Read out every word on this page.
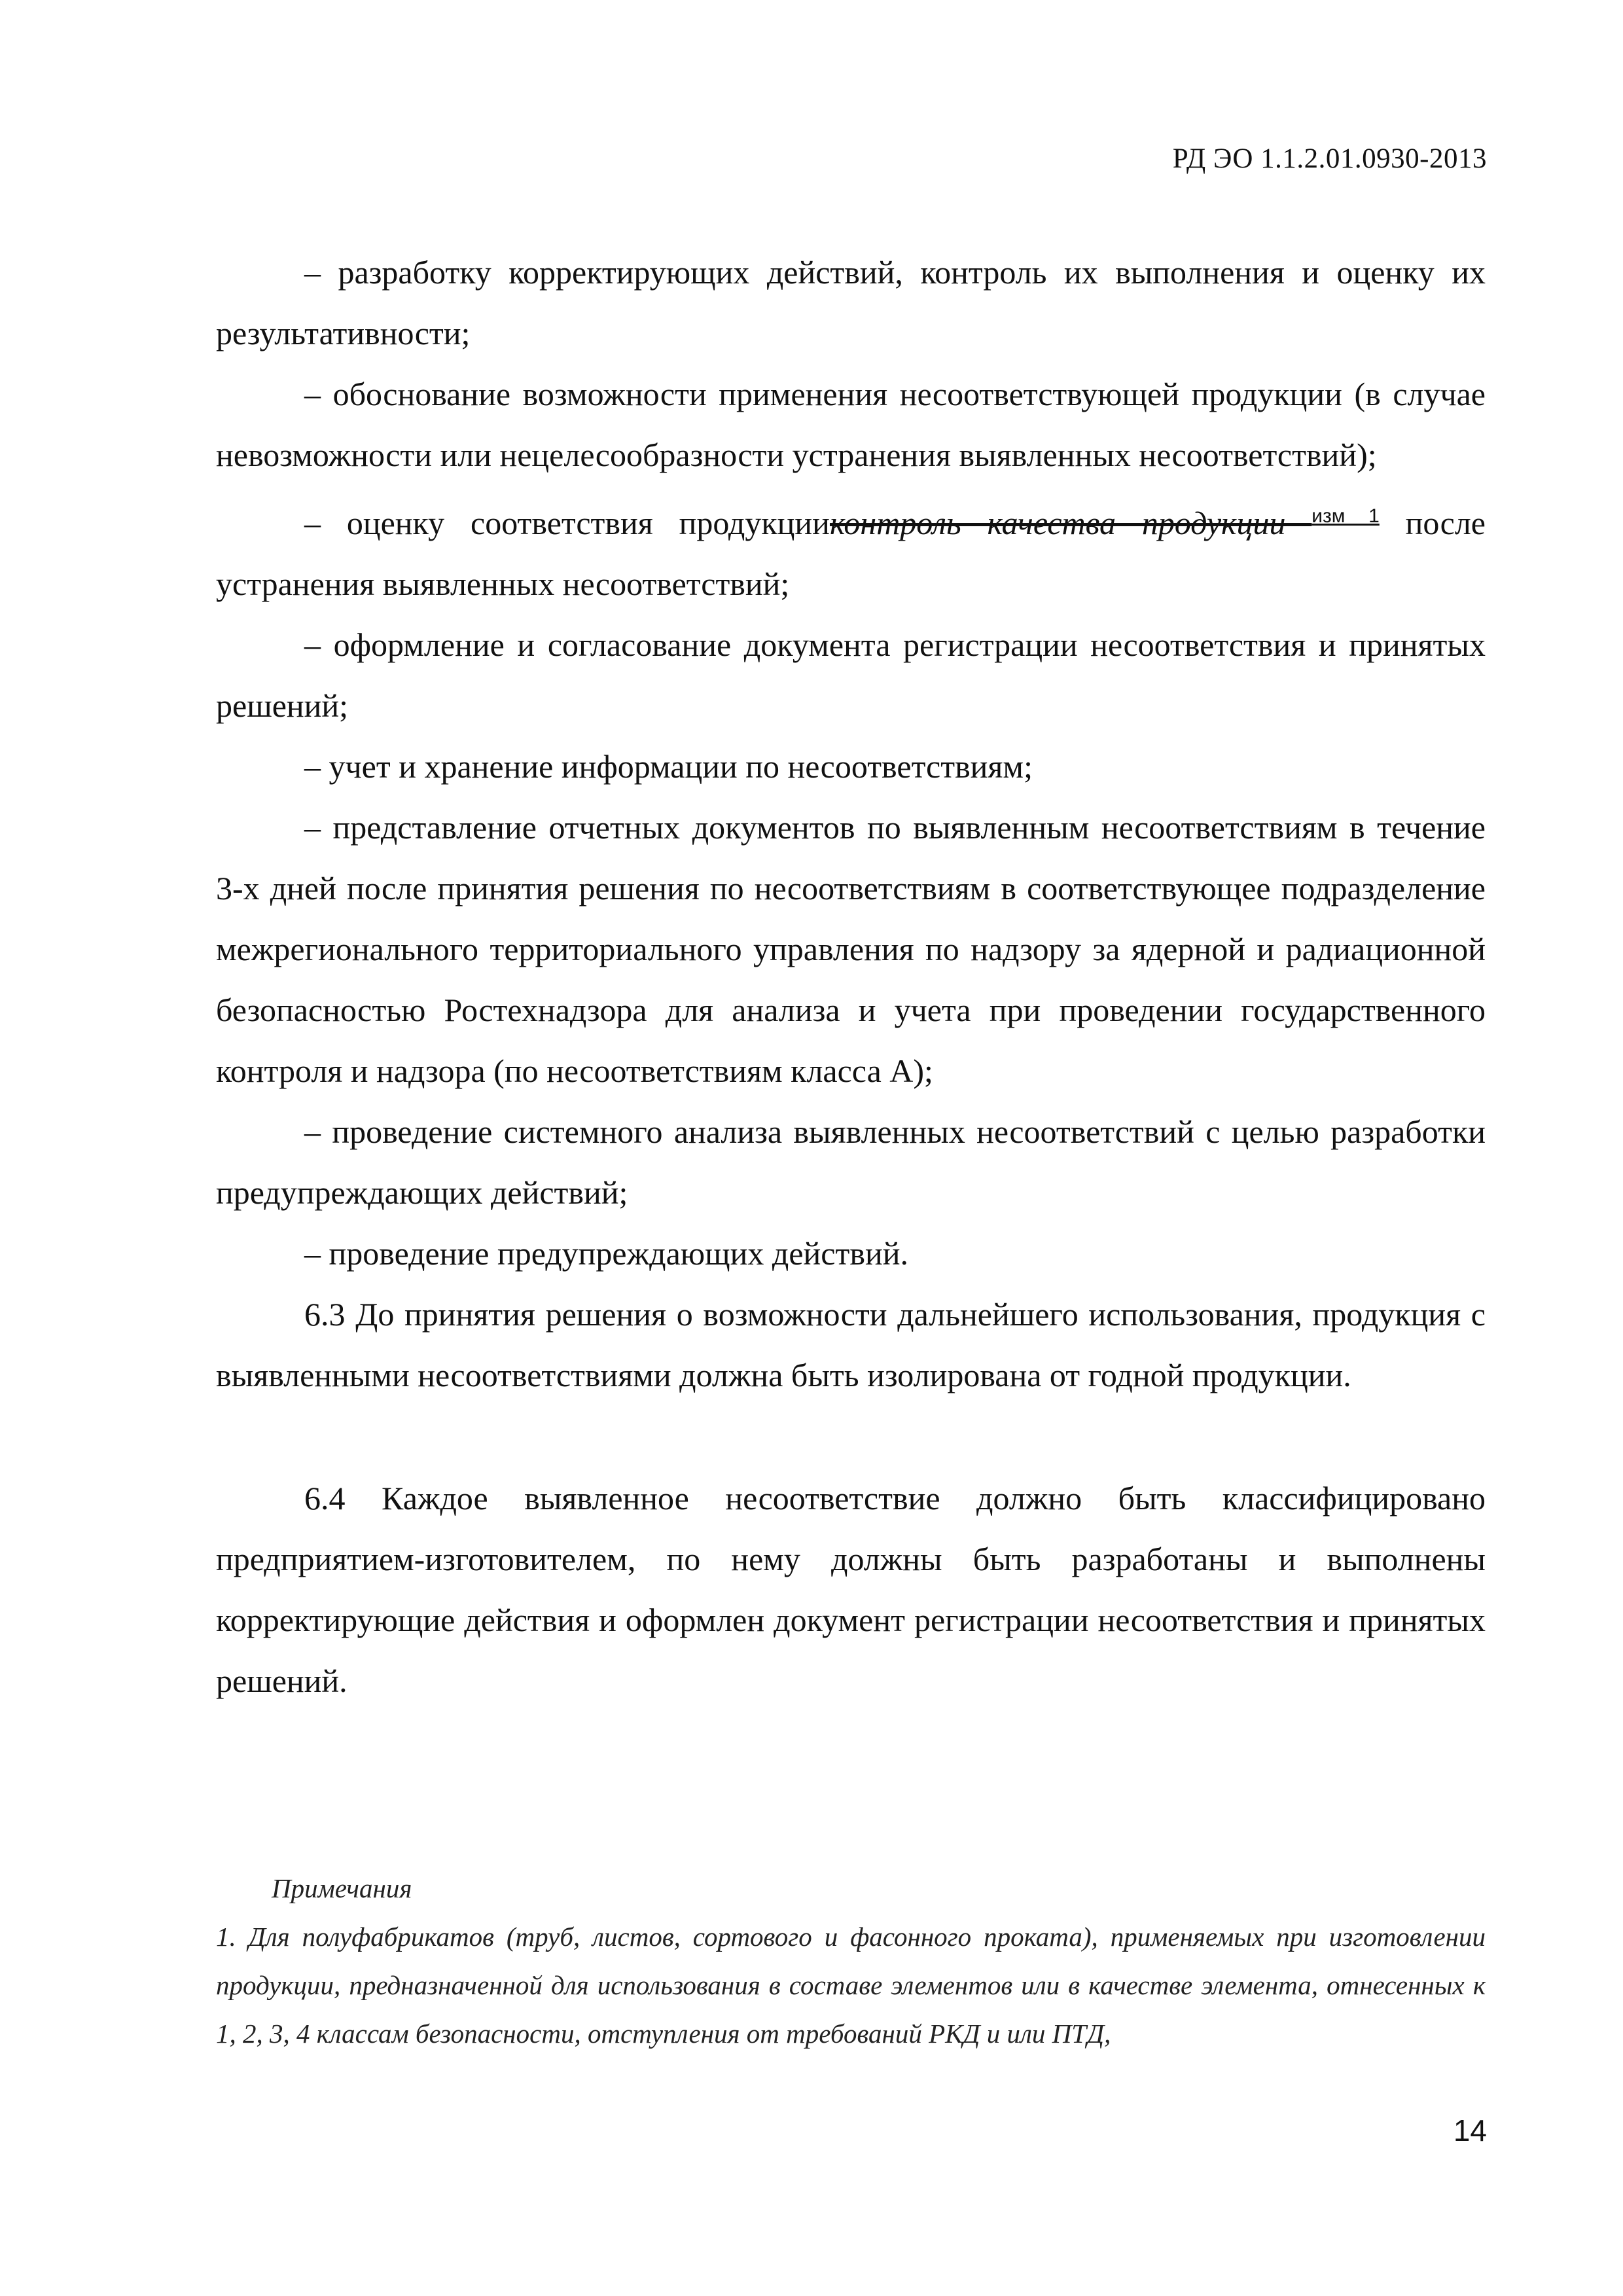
РД ЭО 1.1.2.01.0930-2013

– разработку корректирующих действий, контроль их выполнения и оценку их результативности;

– обоснование возможности применения несоответствующей продукции (в случае невозможности или нецелесообразности устранения выявленных несоответствий);

– оценку соответствия продукцииконтроль качества продукции $^{изм 1}$ после устранения выявленных несоответствий;

– оформление и согласование документа регистрации несоответствия и принятых решений;

– учет и хранение информации по несоответствиям;

– представление отчетных документов по выявленным несоответствиям в течение 3-х дней после принятия решения по несоответствиям в соответствующее подразделение межрегионального территориального управления по надзору за ядерной и радиационной безопасностью Ростехнадзора для анализа и учета при проведении государственного контроля и надзора (по несоответствиям класса А);

– проведение системного анализа выявленных несоответствий с целью разработки предупреждающих действий;

– проведение предупреждающих действий.

6.3 До принятия решения о возможности дальнейшего использования, продукция с выявленными несоответствиями должна быть изолирована от годной продукции.

6.4 Каждое выявленное несоответствие должно быть классифицировано предприятием-изготовителем, по нему должны быть разработаны и выполнены корректирующие действия и оформлен документ регистрации несоответствия и принятых решений.

Примечания

1. Для полуфабрикатов (труб, листов, сортового и фасонного проката), применяемых при изготовлении продукции, предназначенной для использования в составе элементов или в качестве элемента, отнесенных к 1, 2, 3, 4 классам безопасности, отступления от требований РКД и или ПТД,

14
